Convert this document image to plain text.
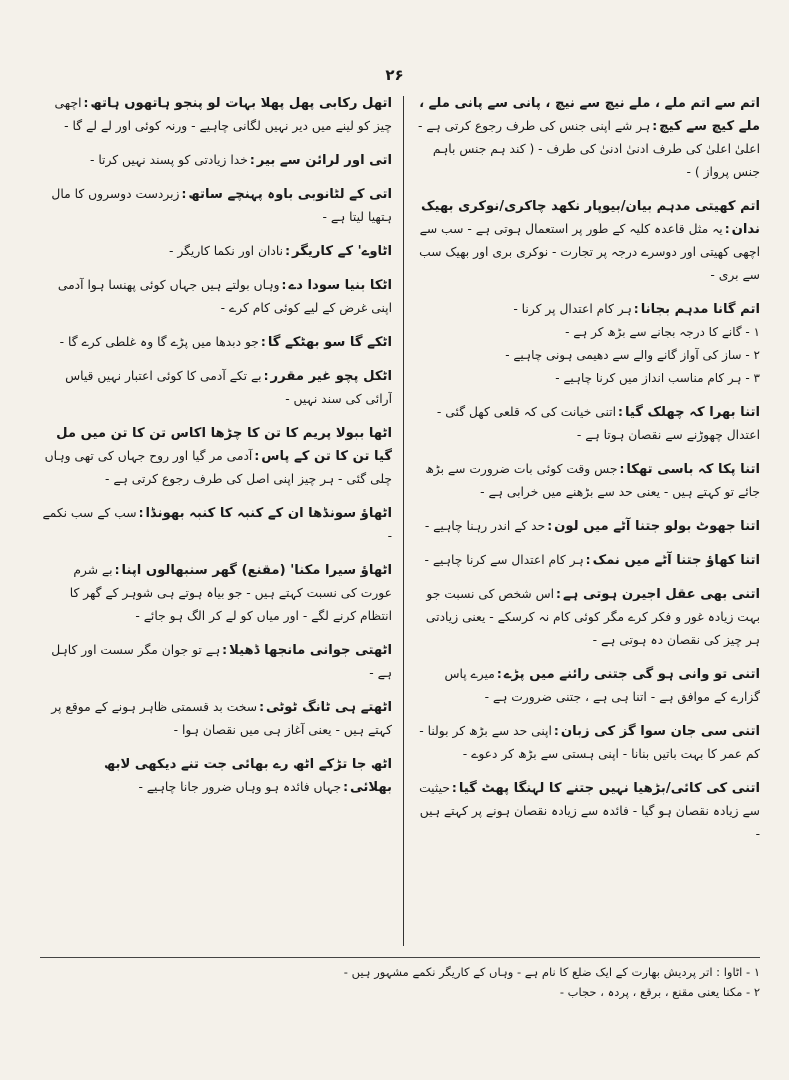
۲۶

اتم سے اتم ملے ، ملے نیچ سے نیچ ، پانی سے پانی ملے ، ملے کیچ سے کیچ:ہر شے اپنی جنس کی طرف رجوع کرتی ہے - اعلیٰ اعلیٰ کی طرف ادنیٰ ادنیٰ کی طرف - ( کند ہم جنس باہم جنس پرواز ) -

اتم کھیتی مدہم بیان/بیوپار نکھد چاکری/نوکری بھیک ندان:یہ مثل قاعدہ کلیہ کے طور پر استعمال ہوتی ہے - سب سے اچھی کھیتی اور دوسرے درجہ پر تجارت - نوکری بری اور بھیک سب سے بری -

اتم گانا مدہم بجانا:ہر کام اعتدال پر کرنا -
۱ - گانے کا درجہ بجانے سے بڑھ کر ہے -
۲ - ساز کی آواز گانے والے سے دھیمی ہونی چاہیے -
۳ - ہر کام مناسب انداز میں کرنا چاہیے -

اتنا بھرا کہ چھلک گیا:اتنی خیانت کی کہ قلعی کھل گئی - اعتدال چھوڑنے سے نقصان ہوتا ہے -

اتنا پکا کہ باسی تھکا:جس وقت کوئی بات ضرورت سے بڑھ جائے تو کہتے ہیں - یعنی حد سے بڑھنے میں خرابی ہے -

اتنا جھوٹ بولو جتنا آٹے میں لون:حد کے اندر رہنا چاہیے -

اتنا کھاؤ جتنا آٹے میں نمک:ہر کام اعتدال سے کرنا چاہیے -

اتنی بھی عقل اجیرن ہوتی ہے:اس شخص کی نسبت جو بہت زیادہ غور و فکر کرے مگر کوئی کام نہ کرسکے - یعنی زیادتی ہر چیز کی نقصان دہ ہوتی ہے -

اتنی تو وانی ہو گی جتنی رائنے میں پڑے:میرے پاس گزارے کے موافق ہے - اتنا ہی ہے ، جتنی ضرورت ہے -

اتنی سی جان سوا گز کی زبان:اپنی حد سے بڑھ کر بولنا - کم عمر کا بہت باتیں بنانا - اپنی ہستی سے بڑھ کر دعوے -

اتنی کی کائی/بڑھیا نہیں جتنے کا لہنگا پھٹ گیا:حیثیت سے زیادہ نقصان ہو گیا - فائدہ سے زیادہ نقصان ہونے پر کہتے ہیں -

اتھل رکابی پھل پھلا بہات لو پنجو ہاتھوں ہاتھ:اچھی چیز کو لینے میں دیر نہیں لگانی چاہیے - ورنہ کوئی اور لے لے گا -

اتی اور لرائن سے بیر:خدا زیادتی کو پسند نہیں کرتا -

اتی کے لٹانوبی باوہ پہنچے ساتھ:زبردست دوسروں کا مال ہتھیا لیتا ہے -

اٹاوے' کے کاریگر:نادان اور نکما کاریگر -

اٹکا بنیا سودا دے:وہاں بولتے ہیں جہاں کوئی پھنسا ہوا آدمی اپنی غرض کے لیے کوئی کام کرے -

اٹکے گا سو بھٹکے گا:جو دبدھا میں پڑے گا وہ غلطی کرے گا -

اٹکل پچو غیر مقرر:بے تکے آدمی کا کوئی اعتبار نہیں قیاس آرائی کی سند نہیں -

اٹھا ببولا پریم کا تن کا چڑھا اکاس تن کا تن میں مل گیا تن کا تن کے پاس:آدمی مر گیا اور روح جہاں کی تھی وہاں چلی گئی - ہر چیز اپنی اصل کی طرف رجوع کرتی ہے -

اٹھاؤ سونڈھا ان کے کنبہ کا کنبہ بھونڈا:سب کے سب نکمے -

اٹھاؤ سیرا مکنا' (مقنع) گھر سنبھالوں اپنا:بے شرم عورت کی نسبت کہتے ہیں - جو بیاہ ہوتے ہی شوہر کے گھر کا انتظام کرنے لگے - اور میاں کو لے کر الگ ہو جائے -

اٹھتی جوانی مانجھا ڈھیلا:ہے تو جوان مگر سست اور کاہل ہے -

اٹھتے ہی ٹانگ ٹوٹی:سخت بد قسمتی ظاہر ہونے کے موقع پر کہتے ہیں - یعنی آغاز ہی میں نقصان ہوا -

اٹھ جا تڑکے اٹھ رے بھائی جت تنے دیکھی لابھ بھلائی:جہاں فائدہ ہو وہاں ضرور جانا چاہیے -

۱ - اٹاوا : اتر پردیش بھارت کے ایک ضلع کا نام ہے - وہاں کے کاریگر نکمے مشہور ہیں -
۲ - مکنا یعنی مقنع ، برقع ، پردہ ، حجاب -
